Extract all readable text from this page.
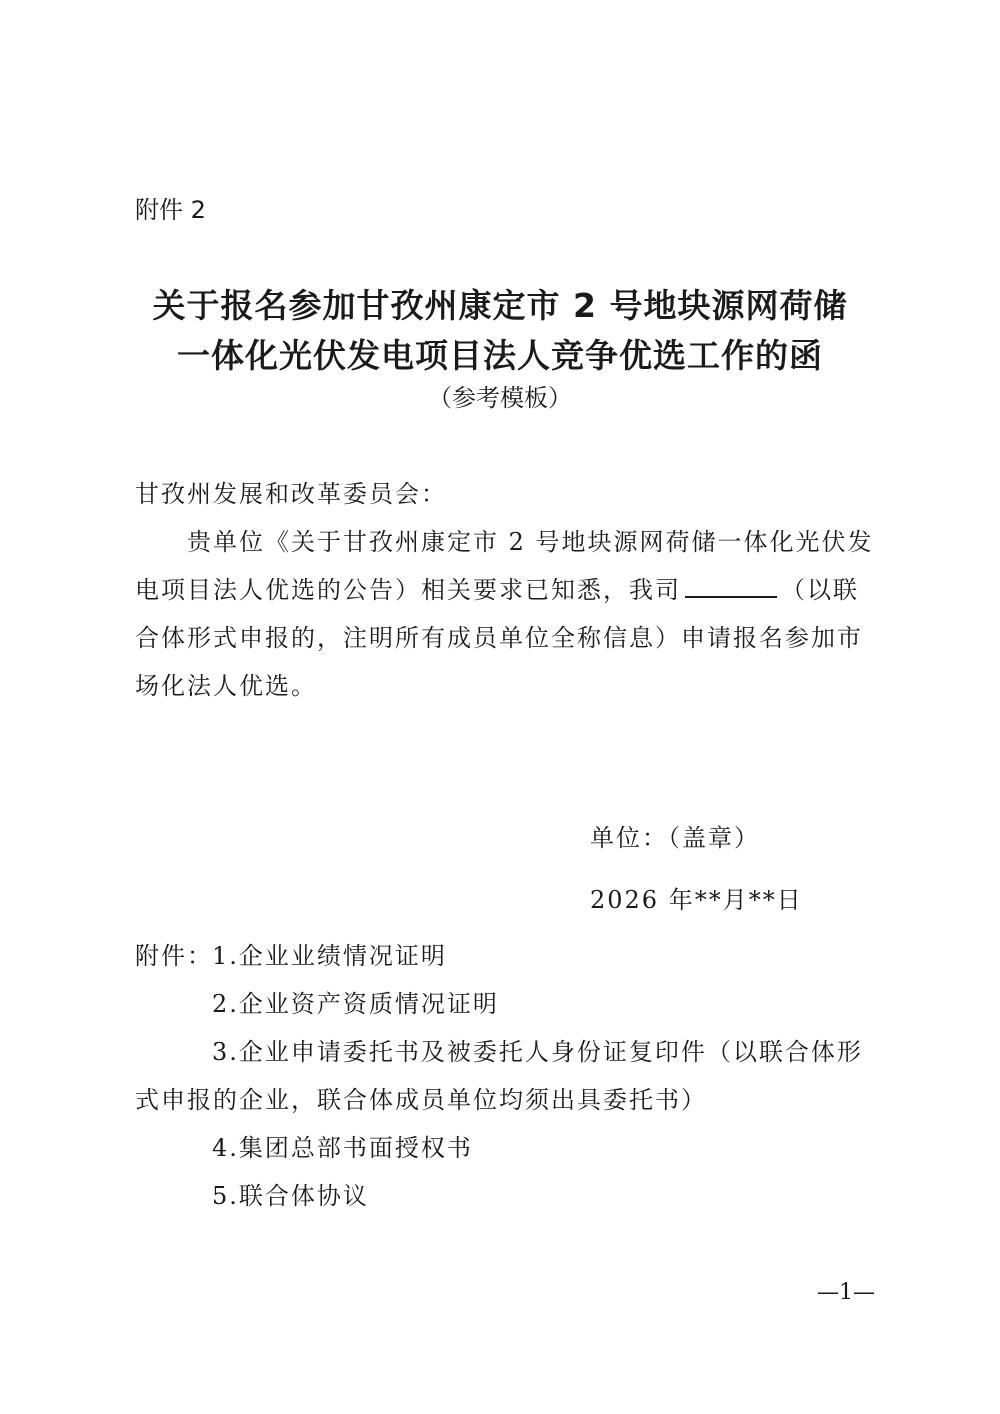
附件 2
关于报名参加甘孜州康定市 2 号地块源网荷储
一体化光伏发电项目法人竞争优选工作的函
（参考模板）
甘孜州发展和改革委员会：
贵单位《关于甘孜州康定市 2 号地块源网荷储一体化光伏发
电项目法人优选的公告）相关要求已知悉，我司	（以联
合体形式申报的，注明所有成员单位全称信息）申请报名参加市
场化法人优选。
单位：（盖章）
2026 年**月**日
附件： 1.企业业绩情况证明
2.企业资产资质情况证明
3.企业申请委托书及被委托人身份证复印件（以联合体形
式申报的企业，联合体成员单位均须出具委托书）
4.集团总部书面授权书
5.联合体协议
—1—
